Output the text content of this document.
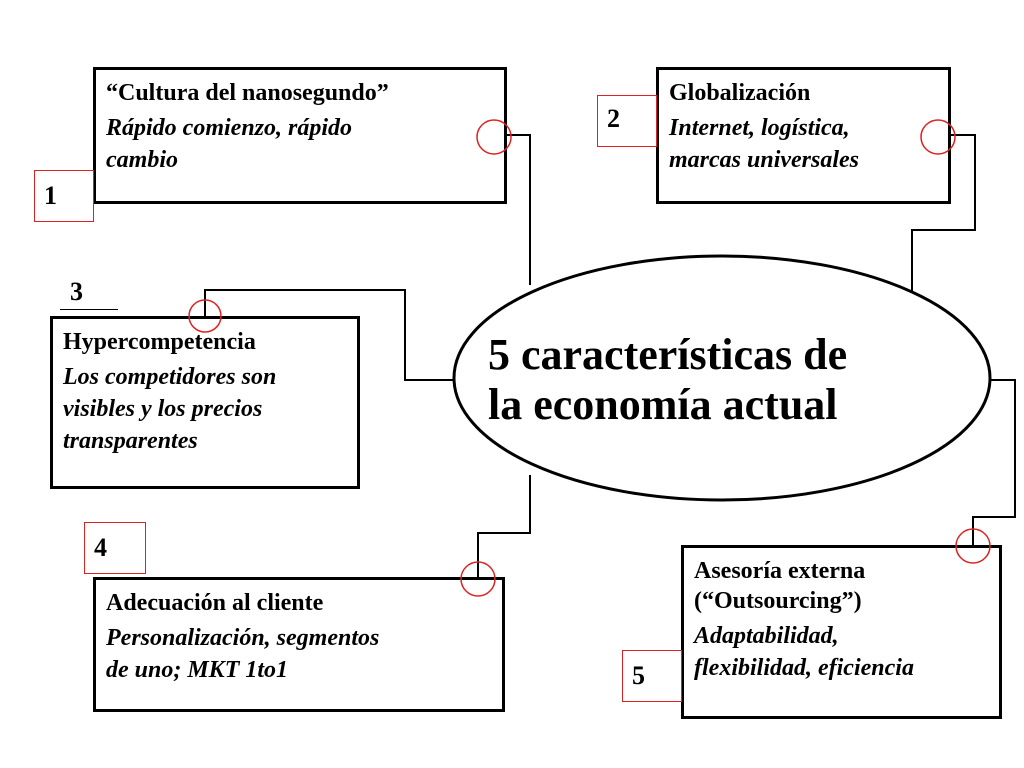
“Cultura del nanosegundo”
Rápido comienzo, rápido
cambio
1
Globalización
Internet, logística,
marcas universales
2
Hypercompetencia
Los competidores son
visibles y los precios
transparentes
3
Adecuación al cliente
Personalización, segmentos
de uno; MKT 1to1
4
Asesoría externa
(“Outsourcing”)
Adaptabilidad,
flexibilidad, eficiencia
5
5 características de
la economía actual
